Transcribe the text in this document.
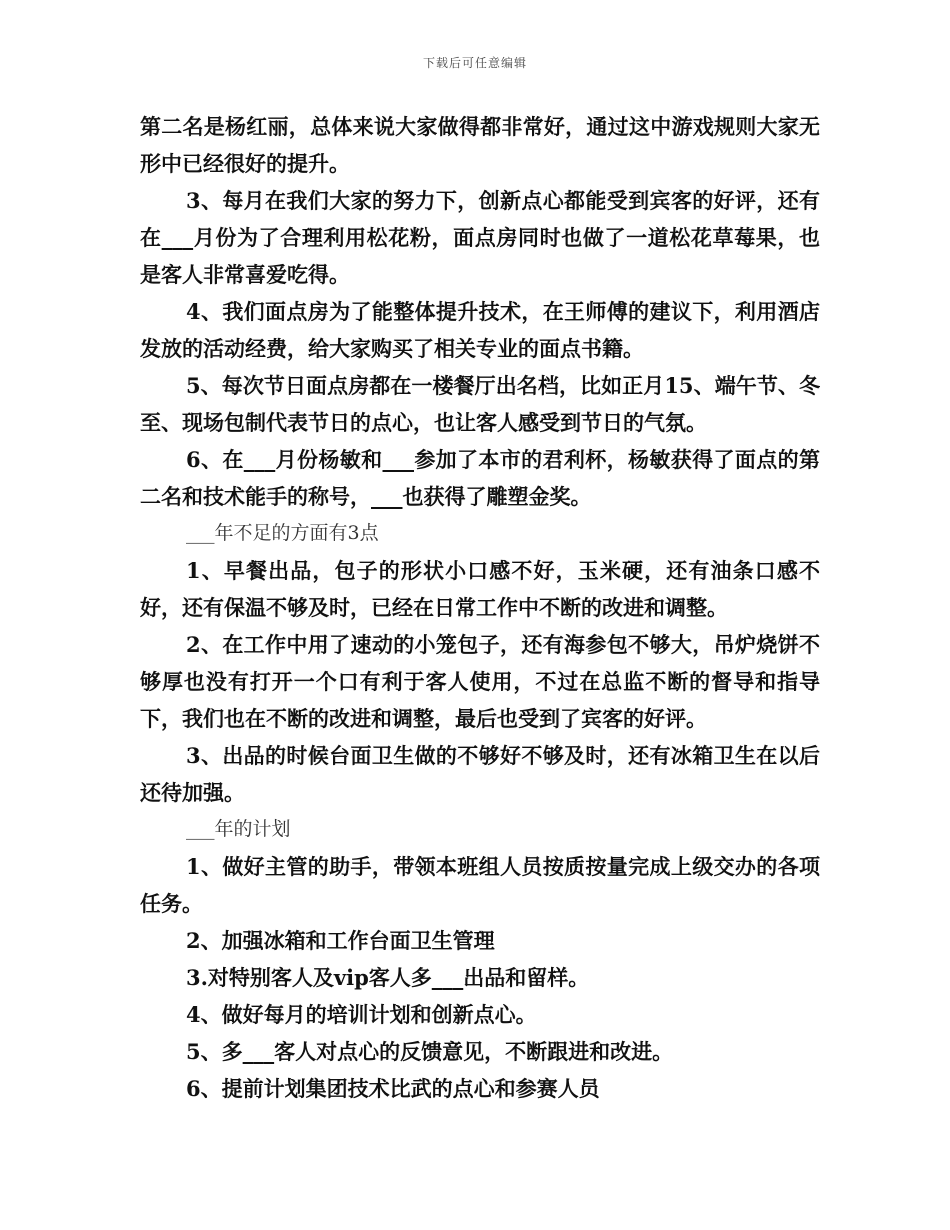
下载后可任意编辑

第二名是杨红丽，总体来说大家做得都非常好，通过这中游戏规则大家无形中已经很好的提升。

3、每月在我们大家的努力下，创新点心都能受到宾客的好评，还有在___月份为了合理利用松花粉，面点房同时也做了一道松花草莓果，也是客人非常喜爱吃得。

4、我们面点房为了能整体提升技术，在王师傅的建议下，利用酒店发放的活动经费，给大家购买了相关专业的面点书籍。

5、每次节日面点房都在一楼餐厅出名档，比如正月15、端午节、冬至、现场包制代表节日的点心，也让客人感受到节日的气氛。

6、在___月份杨敏和___参加了本市的君利杯，杨敏获得了面点的第二名和技术能手的称号，___也获得了雕塑金奖。

___年不足的方面有3点

1、早餐出品，包子的形状小口感不好，玉米硬，还有油条口感不好，还有保温不够及时，已经在日常工作中不断的改进和调整。

2、在工作中用了速动的小笼包子，还有海参包不够大，吊炉烧饼不够厚也没有打开一个口有利于客人使用，不过在总监不断的督导和指导下，我们也在不断的改进和调整，最后也受到了宾客的好评。

3、出品的时候台面卫生做的不够好不够及时，还有冰箱卫生在以后还待加强。

___年的计划

1、做好主管的助手，带领本班组人员按质按量完成上级交办的各项任务。

2、加强冰箱和工作台面卫生管理

3.对特别客人及vip客人多___出品和留样。

4、做好每月的培训计划和创新点心。

5、多___客人对点心的反馈意见，不断跟进和改进。

6、提前计划集团技术比武的点心和参赛人员
